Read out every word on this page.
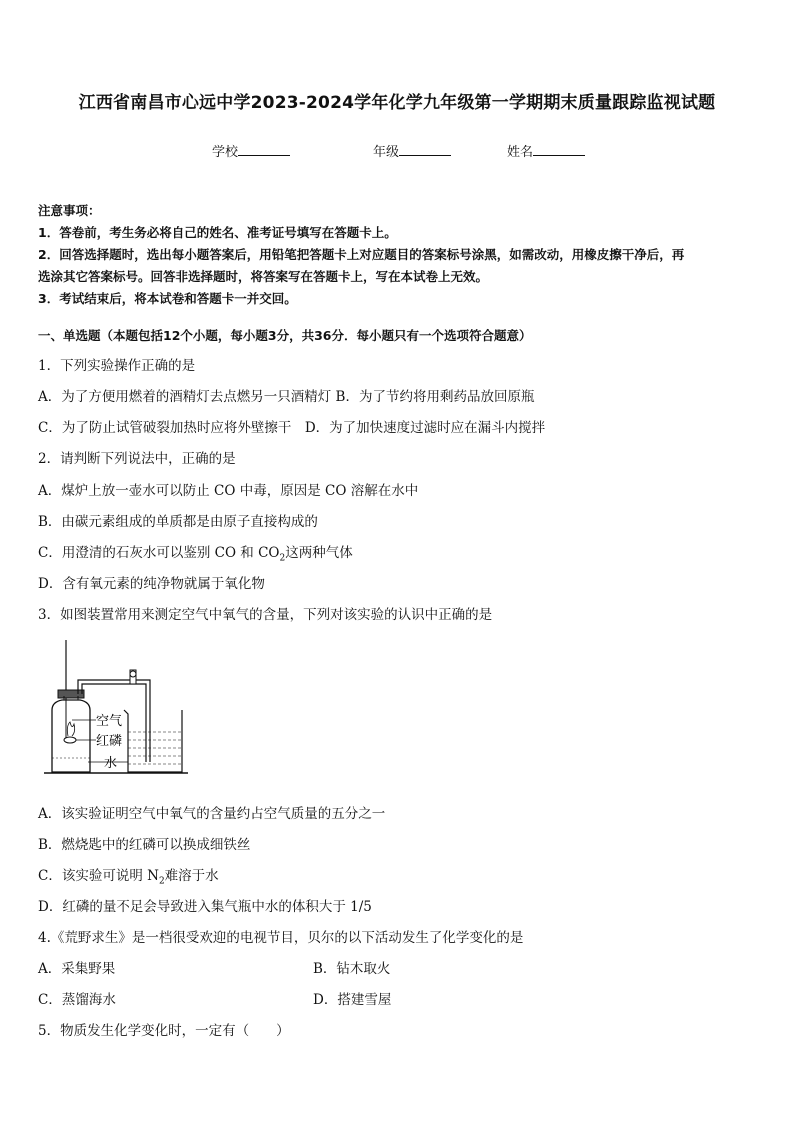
江西省南昌市心远中学2023-2024学年化学九年级第一学期期末质量跟踪监视试题
学校	年级	姓名
注意事项：
1．答卷前，考生务必将自己的姓名、准考证号填写在答题卡上。
2．回答选择题时，选出每小题答案后，用铅笔把答题卡上对应题目的答案标号涂黑，如需改动，用橡皮擦干净后，再
选涂其它答案标号。回答非选择题时，将答案写在答题卡上，写在本试卷上无效。
3．考试结束后，将本试卷和答题卡一并交回。
一、单选题（本题包括12个小题，每小题3分，共36分．每小题只有一个选项符合题意）
1．下列实验操作正确的是
A．为了方便用燃着的酒精灯去点燃另一只酒精灯 B．为了节约将用剩药品放回原瓶
C．为了防止试管破裂加热时应将外壁擦干　D．为了加快速度过滤时应在漏斗内搅拌
2．请判断下列说法中，正确的是
A．煤炉上放一壶水可以防止 CO 中毒，原因是 CO 溶解在水中
B．由碳元素组成的单质都是由原子直接构成的
C．用澄清的石灰水可以鉴别 CO 和 $CO_2$这两种气体
D．含有氧元素的纯净物就属于氧化物
3．如图装置常用来测定空气中氧气的含量，下列对该实验的认识中正确的是
空气
红磷
水
A．该实验证明空气中氧气的含量约占空气质量的五分之一
B．燃烧匙中的红磷可以换成细铁丝
C．该实验可说明 $N_2$难溶于水
D．红磷的量不足会导致进入集气瓶中水的体积大于 1/5
4.《荒野求生》是一档很受欢迎的电视节目，贝尔的以下活动发生了化学变化的是
A．采集野果	B．钻木取火
C．蒸馏海水	D．搭建雪屋
5．物质发生化学变化时，一定有（　　）
